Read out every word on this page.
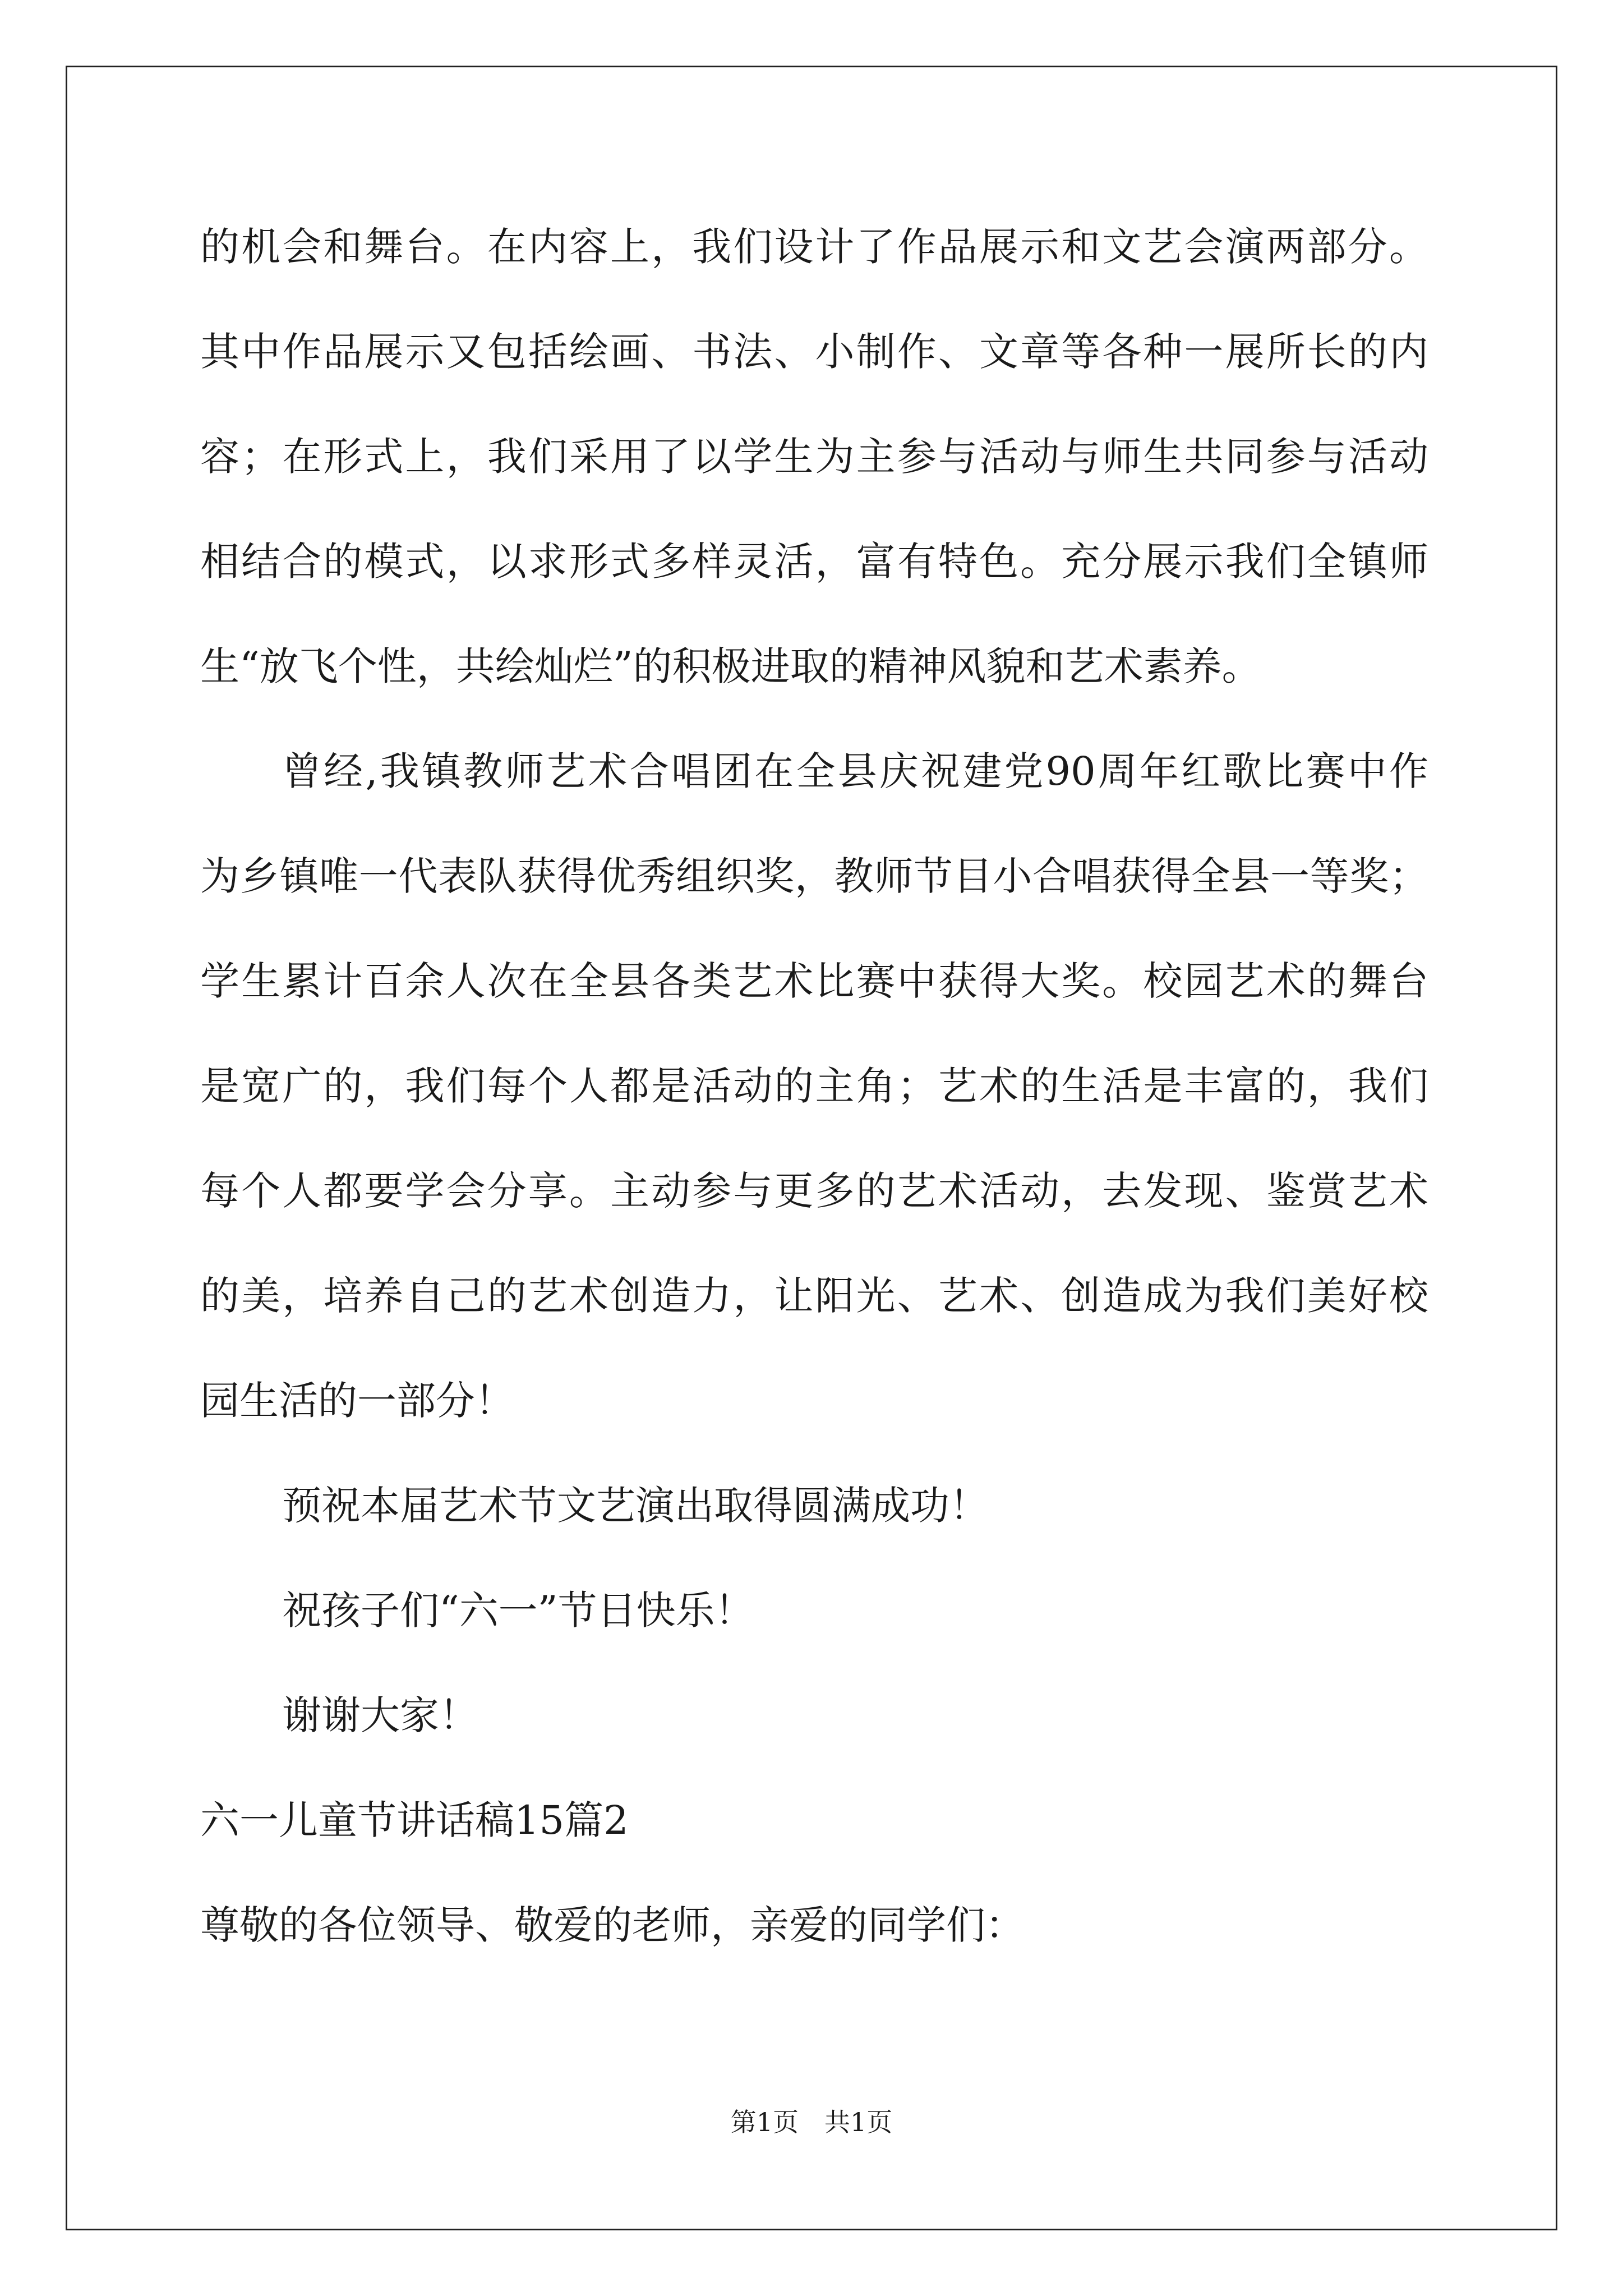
的机会和舞台。在内容上，我们设计了作品展示和文艺会演两部分。
其中作品展示又包括绘画、书法、小制作、文章等各种一展所长的内
容；在形式上，我们采用了以学生为主参与活动与师生共同参与活动
相结合的模式，以求形式多样灵活，富有特色。充分展示我们全镇师
生“放飞个性，共绘灿烂”的积极进取的精神风貌和艺术素养。
曾经,我镇教师艺术合唱团在全县庆祝建党90周年红歌比赛中作
为乡镇唯一代表队获得优秀组织奖，教师节目小合唱获得全县一等奖；
学生累计百余人次在全县各类艺术比赛中获得大奖。校园艺术的舞台
是宽广的，我们每个人都是活动的主角；艺术的生活是丰富的，我们
每个人都要学会分享。主动参与更多的艺术活动，去发现、鉴赏艺术
的美，培养自己的艺术创造力，让阳光、艺术、创造成为我们美好校
园生活的一部分！
预祝本届艺术节文艺演出取得圆满成功！
祝孩子们“六一”节日快乐！
谢谢大家！
六一儿童节讲话稿15篇2
尊敬的各位领导、敬爱的老师，亲爱的同学们：
第1页　共1页
